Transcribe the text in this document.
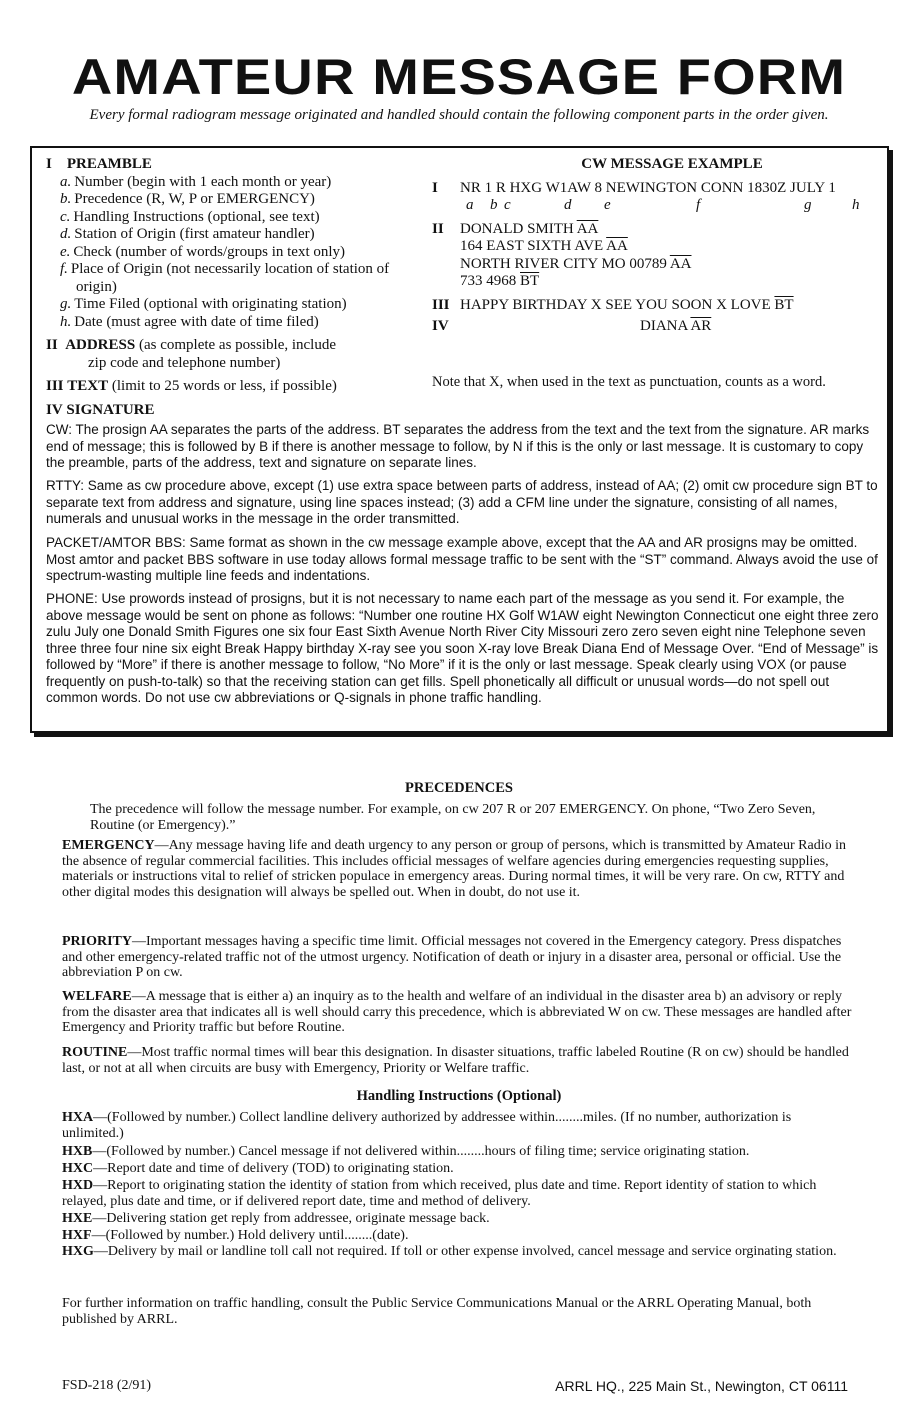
AMATEUR MESSAGE FORM
Every formal radiogram message originated and handled should contain the following component parts in the order given.
I PREAMBLE
a. Number (begin with 1 each month or year)
b. Precedence (R, W, P or EMERGENCY)
c. Handling Instructions (optional, see text)
d. Station of Origin (first amateur handler)
e. Check (number of words/groups in text only)
f. Place of Origin (not necessarily location of station of
origin)
g. Time Filed (optional with originating station)
h. Date (must agree with date of time filed)
II ADDRESS (as complete as possible, include
zip code and telephone number)
III TEXT (limit to 25 words or less, if possible)
IV SIGNATURE
CW MESSAGE EXAMPLE
I NR 1 R HXG W1AW 8 NEWINGTON CONN 1830Z JULY 1
a b c	d e	f	g	h
II DONALD SMITH $\overline{AA}$
164 EAST SIXTH AVE $\overline{AA}$
NORTH RIVER CITY MO 00789 $\overline{AA}$
733 4968 $\overline{BT}$
III HAPPY BIRTHDAY X SEE YOU SOON X LOVE $\overline{BT}$
IV	DIANA $\overline{AR}$
Note that X, when used in the text as punctuation, counts as a word.
CW: The prosign AA separates the parts of the address. BT separates the address from the text and the text from the signature. AR marks end of message; this is followed by B if there is another message to follow, by N if this is the only or last message. It is customary to copy the preamble, parts of the address, text and signature on separate lines.
RTTY: Same as cw procedure above, except (1) use extra space between parts of address, instead of AA; (2) omit cw procedure sign BT to separate text from address and signature, using line spaces instead; (3) add a CFM line under the signature, consisting of all names, numerals and unusual works in the message in the order transmitted.
PACKET/AMTOR BBS: Same format as shown in the cw message example above, except that the AA and AR prosigns may be omitted. Most amtor and packet BBS software in use today allows formal message traffic to be sent with the “ST” command. Always avoid the use of spectrum-wasting multiple line feeds and indentations.
PHONE: Use prowords instead of prosigns, but it is not necessary to name each part of the message as you send it. For example, the above message would be sent on phone as follows: “Number one routine HX Golf W1AW eight Newington Connecticut one eight three zero zulu July one Donald Smith Figures one six four East Sixth Avenue North River City Missouri zero zero seven eight nine Telephone seven three three four nine six eight Break Happy birthday X-ray see you soon X-ray love Break Diana End of Message Over. “End of Message” is followed by “More” if there is another message to follow, “No More” if it is the only or last message. Speak clearly using VOX (or pause frequently on push-to-talk) so that the receiving station can get fills. Spell phonetically all difficult or unusual words—do not spell out common words. Do not use cw abbreviations or Q-signals in phone traffic handling.
PRECEDENCES
The precedence will follow the message number. For example, on cw 207 R or 207 EMERGENCY. On phone, “Two Zero Seven, Routine (or Emergency).”
EMERGENCY—Any message having life and death urgency to any person or group of persons, which is transmitted by Amateur Radio in the absence of regular commercial facilities. This includes official messages of welfare agencies during emergencies requesting supplies, materials or instructions vital to relief of stricken populace in emergency areas. During normal times, it will be very rare. On cw, RTTY and other digital modes this designation will always be spelled out. When in doubt, do not use it.
PRIORITY—Important messages having a specific time limit. Official messages not covered in the Emergency category. Press dispatches and other emergency-related traffic not of the utmost urgency. Notification of death or injury in a disaster area, personal or official. Use the abbreviation P on cw.
WELFARE—A message that is either a) an inquiry as to the health and welfare of an individual in the disaster area b) an advisory or reply from the disaster area that indicates all is well should carry this precedence, which is abbreviated W on cw. These messages are handled after Emergency and Priority traffic but before Routine.
ROUTINE—Most traffic normal times will bear this designation. In disaster situations, traffic labeled Routine (R on cw) should be handled last, or not at all when circuits are busy with Emergency, Priority or Welfare traffic.
Handling Instructions (Optional)
HXA—(Followed by number.) Collect landline delivery authorized by addressee within........miles. (If no number, authorization is unlimited.)
HXB—(Followed by number.) Cancel message if not delivered within........hours of filing time; service originating station.
HXC—Report date and time of delivery (TOD) to originating station.
HXD—Report to originating station the identity of station from which received, plus date and time. Report identity of station to which relayed, plus date and time, or if delivered report date, time and method of delivery.
HXE—Delivering station get reply from addressee, originate message back.
HXF—(Followed by number.) Hold delivery until........(date).
HXG—Delivery by mail or landline toll call not required. If toll or other expense involved, cancel message and service orginating station.
For further information on traffic handling, consult the Public Service Communications Manual or the ARRL Operating Manual, both published by ARRL.
FSD-218 (2/91)	ARRL HQ., 225 Main St., Newington, CT 06111
